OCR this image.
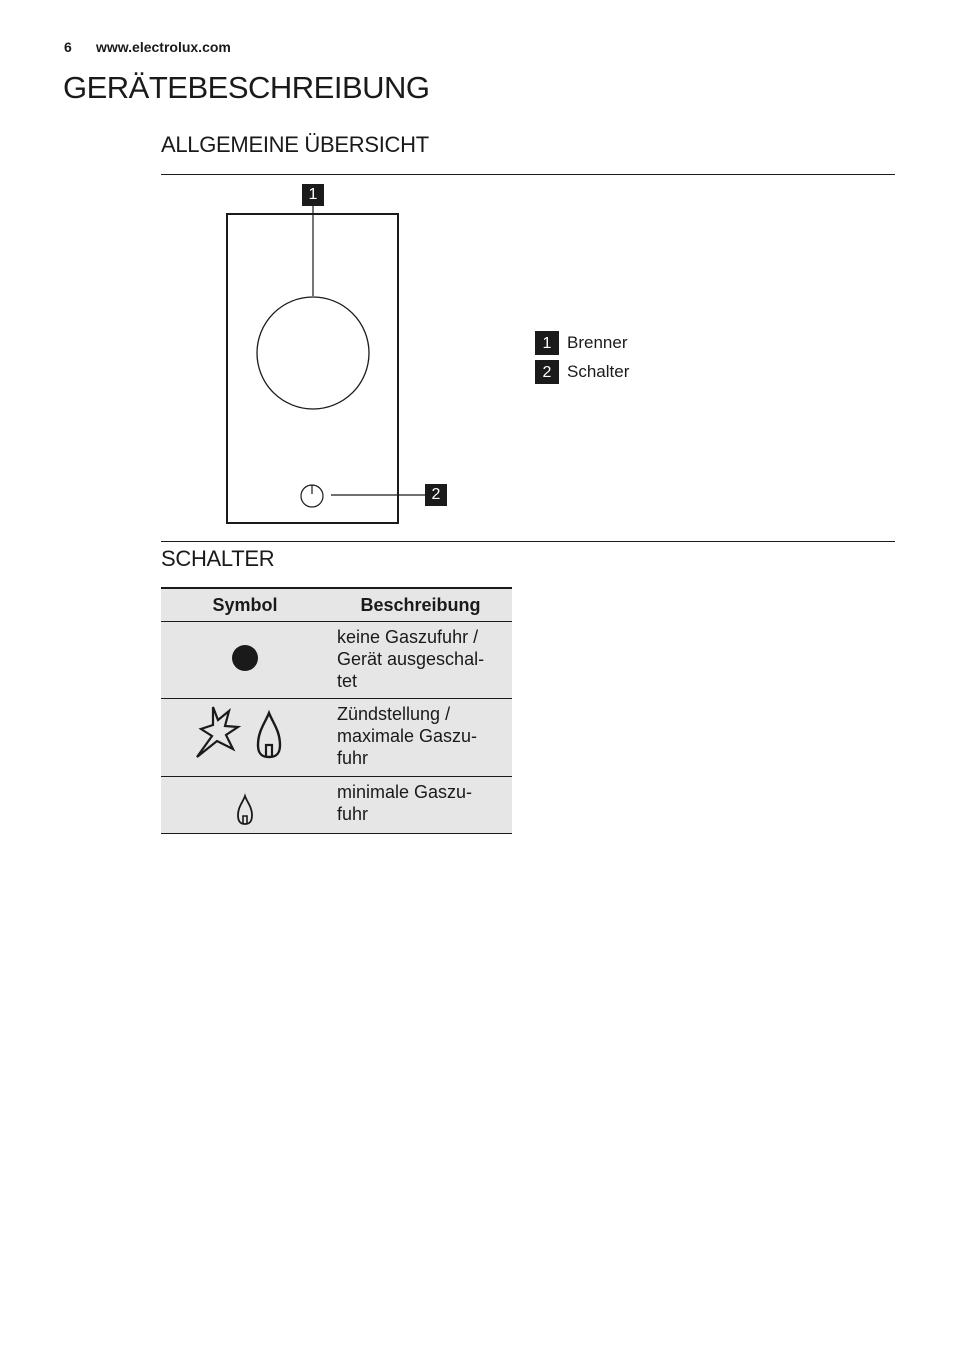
6 www.electrolux.com
GERÄTEBESCHREIBUNG
ALLGEMEINE ÜBERSICHT
1
2
1 Brenner
2 Schalter
SCHALTER
Symbol	Beschreibung

keine Gaszufuhr /
Gerät ausgeschal-
tet

Zündstellung /
maximale Gaszu-
fuhr

minimale Gaszu-
fuhr
